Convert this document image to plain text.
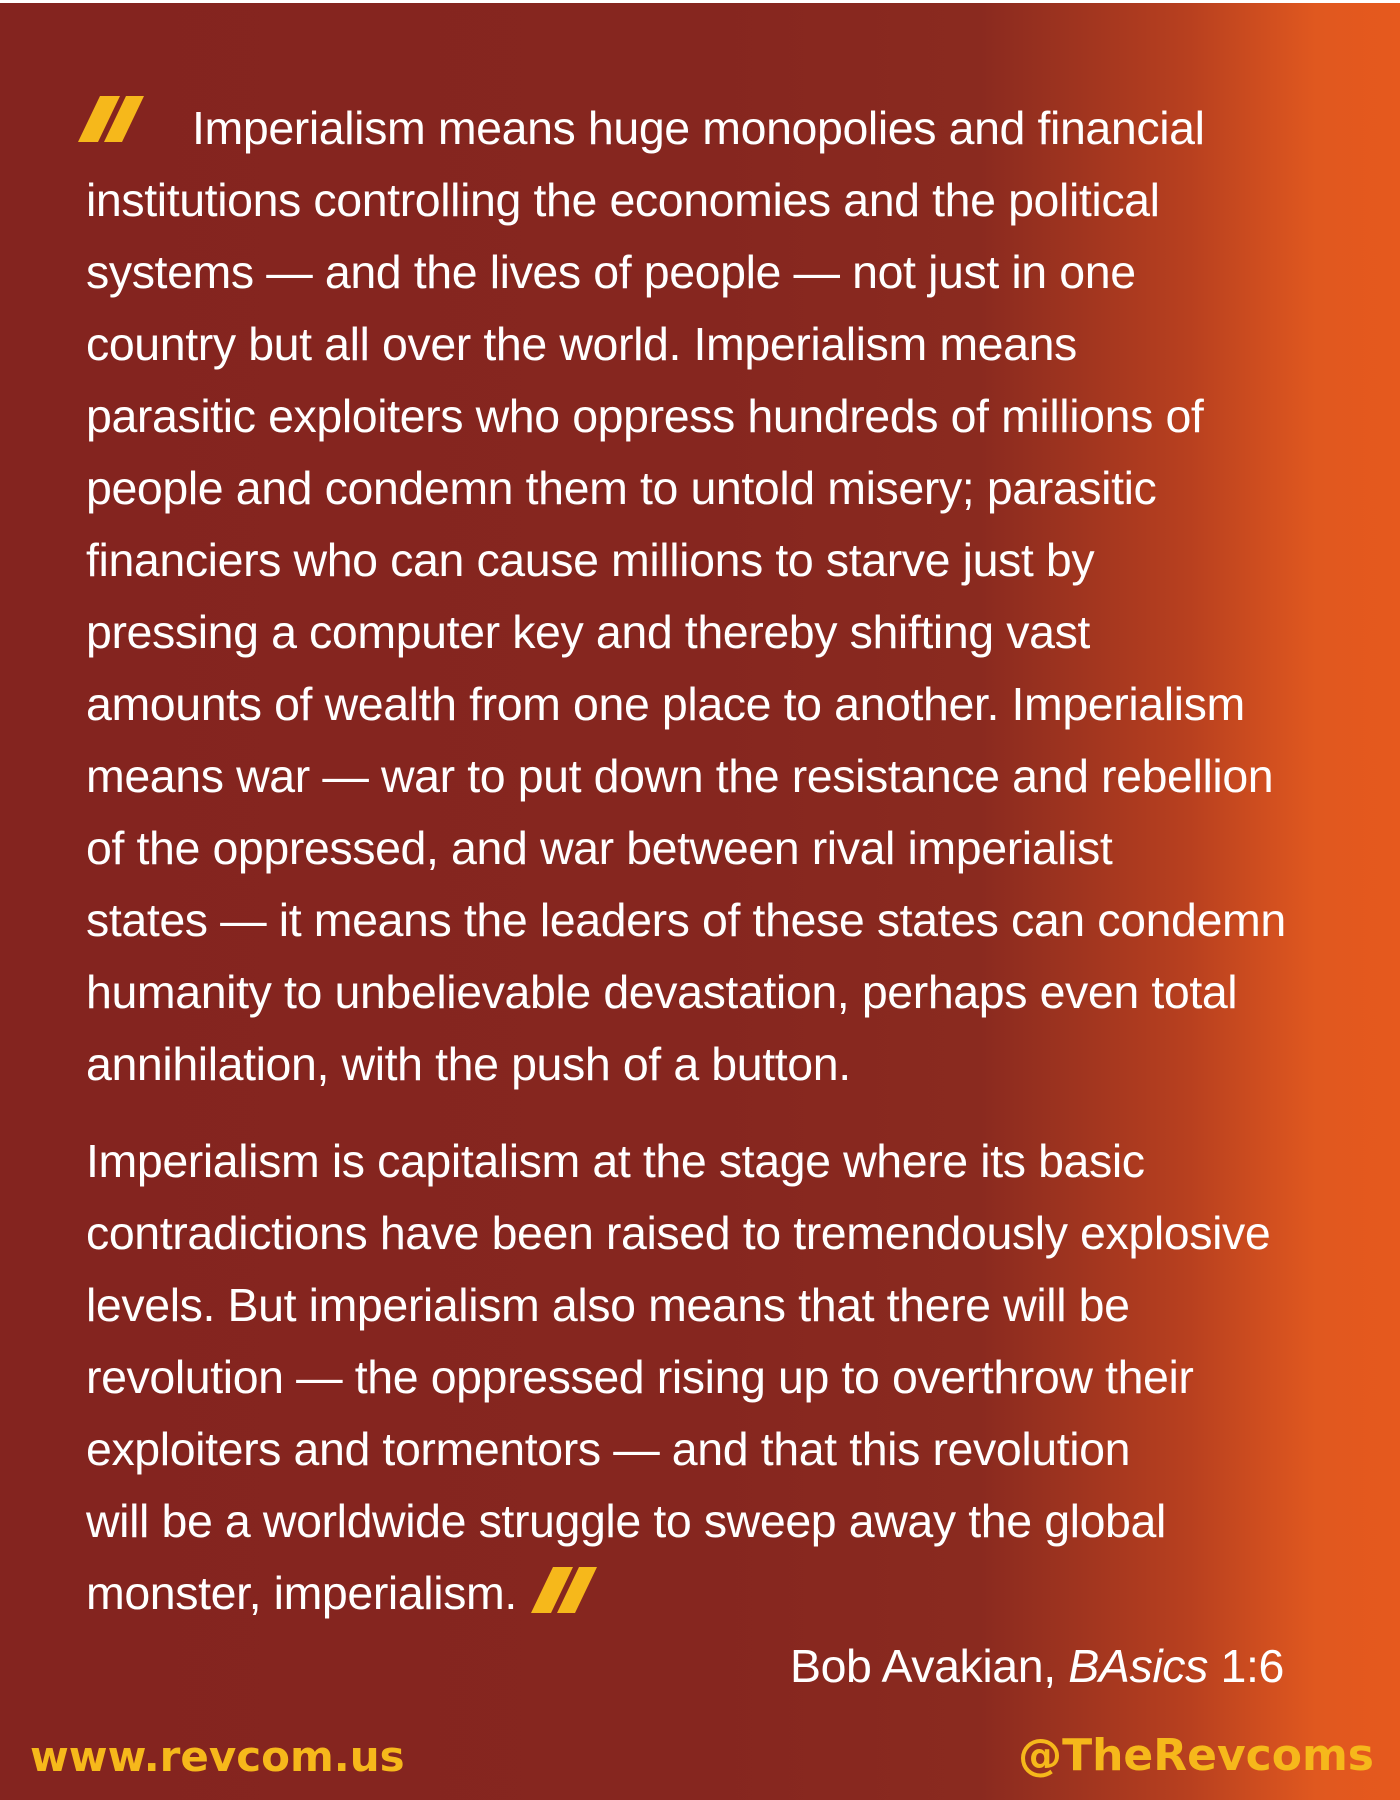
Imperialism means huge monopolies and financial
institutions controlling the economies and the political
systems — and the lives of people — not just in one
country but all over the world. Imperialism means
parasitic exploiters who oppress hundreds of millions of
people and condemn them to untold misery; parasitic
financiers who can cause millions to starve just by
pressing a computer key and thereby shifting vast
amounts of wealth from one place to another. Imperialism
means war — war to put down the resistance and rebellion
of the oppressed, and war between rival imperialist
states — it means the leaders of these states can condemn
humanity to unbelievable devastation, perhaps even total
annihilation, with the push of a button.
Imperialism is capitalism at the stage where its basic
contradictions have been raised to tremendously explosive
levels. But imperialism also means that there will be
revolution — the oppressed rising up to overthrow their
exploiters and tormentors — and that this revolution
will be a worldwide struggle to sweep away the global
monster, imperialism.
Bob Avakian, BAsics 1:6
www.revcom.us	@TheRevcoms
